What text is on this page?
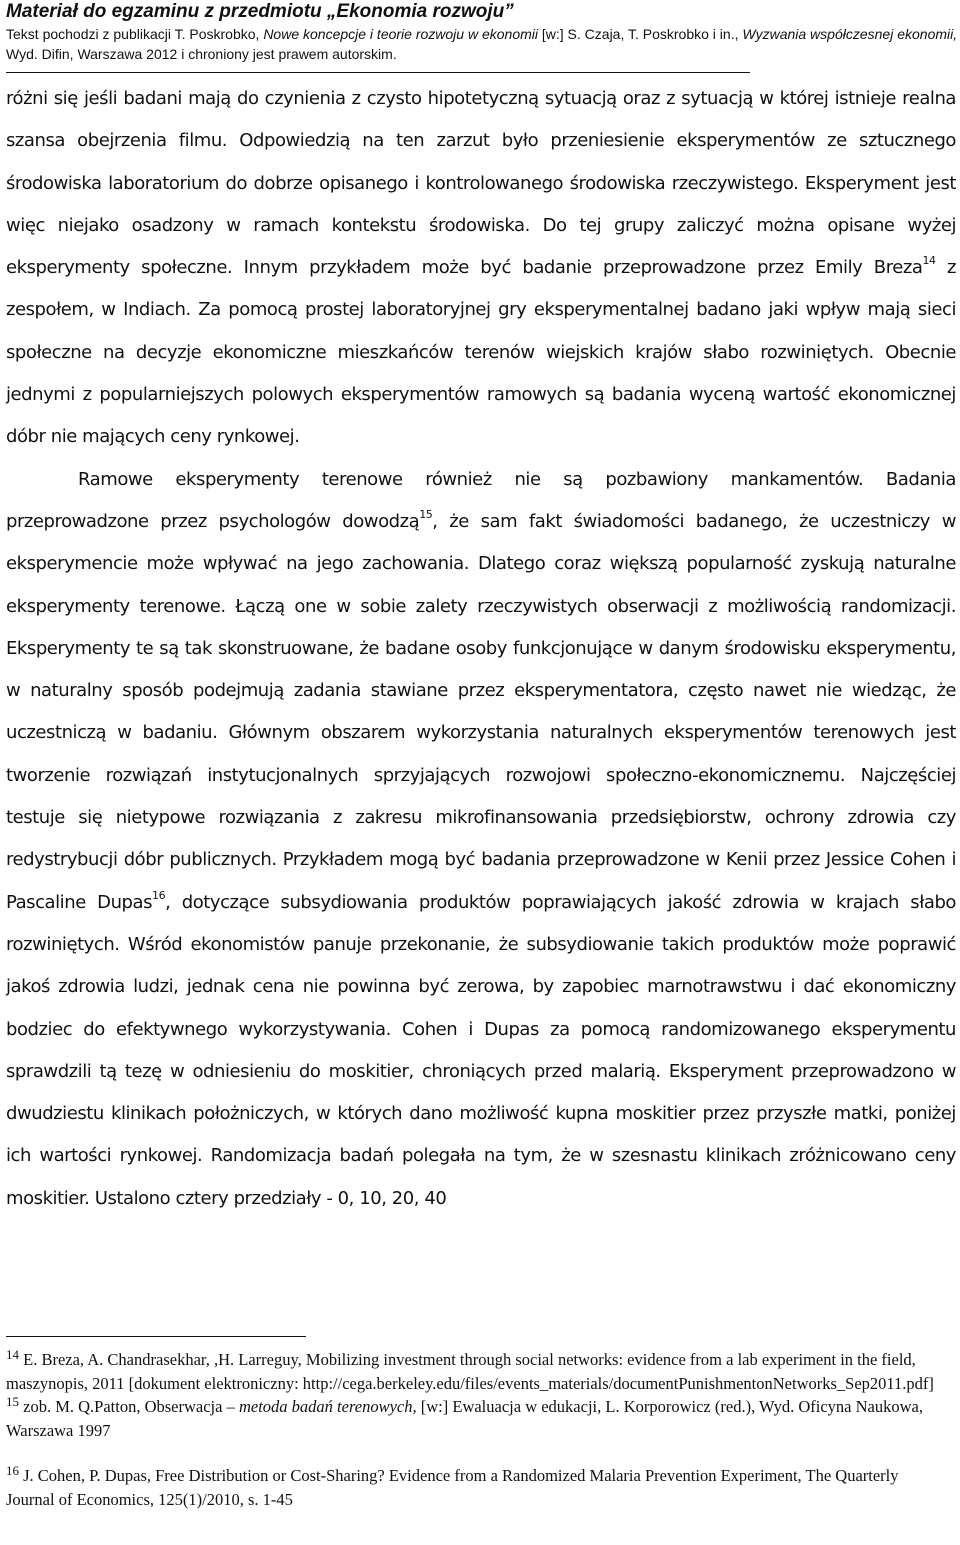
Materiał do egzaminu z przedmiotu „Ekonomia rozwoju”

Tekst pochodzi z publikacji T. Poskrobko, Nowe koncepcje i teorie rozwoju w ekonomii [w:] S. Czaja, T. Poskrobko i in., Wyzwania współczesnej ekonomii,

Wyd. Difin, Warszawa 2012 i chroniony jest prawem autorskim.

różni się jeśli badani mają do czynienia z czysto hipotetyczną sytuacją oraz z sytuacją w której istnieje realna szansa obejrzenia filmu. Odpowiedzią na ten zarzut było przeniesienie eksperymentów ze sztucznego środowiska laboratorium do dobrze opisanego i kontrolowanego środowiska rzeczywistego. Eksperyment jest więc niejako osadzony w ramach kontekstu środowiska. Do tej grupy zaliczyć można opisane wyżej eksperymenty społeczne. Innym przykładem może być badanie przeprowadzone przez Emily Breza$^{14}$ z zespołem, w Indiach. Za pomocą prostej laboratoryjnej gry eksperymentalnej badano jaki wpływ mają sieci społeczne na decyzje ekonomiczne mieszkańców terenów wiejskich krajów słabo rozwiniętych. Obecnie jednymi z popularniejszych polowych eksperymentów ramowych są badania wyceną wartość ekonomicznej dóbr nie mających ceny rynkowej.

Ramowe eksperymenty terenowe również nie są pozbawiony mankamentów. Badania przeprowadzone przez psychologów dowodzą$^{15}$, że sam fakt świadomości badanego, że uczestniczy w eksperymencie może wpływać na jego zachowania. Dlatego coraz większą popularność zyskują naturalne eksperymenty terenowe. Łączą one w sobie zalety rzeczywistych obserwacji z możliwością randomizacji. Eksperymenty te są tak skonstruowane, że badane osoby funkcjonujące w danym środowisku eksperymentu, w naturalny sposób podejmują zadania stawiane przez eksperymentatora, często nawet nie wiedząc, że uczestniczą w badaniu. Głównym obszarem wykorzystania naturalnych eksperymentów terenowych jest tworzenie rozwiązań instytucjonalnych sprzyjających rozwojowi społeczno-ekonomicznemu. Najczęściej testuje się nietypowe rozwiązania z zakresu mikrofinansowania przedsiębiorstw, ochrony zdrowia czy redystrybucji dóbr publicznych. Przykładem mogą być badania przeprowadzone w Kenii przez Jessice Cohen i Pascaline Dupas$^{16}$, dotyczące subsydiowania produktów poprawiających jakość zdrowia w krajach słabo rozwiniętych. Wśród ekonomistów panuje przekonanie, że subsydiowanie takich produktów może poprawić jakoś zdrowia ludzi, jednak cena nie powinna być zerowa, by zapobiec marnotrawstwu i dać ekonomiczny bodziec do efektywnego wykorzystywania. Cohen i Dupas za pomocą randomizowanego eksperymentu sprawdzili tą tezę w odniesieniu do moskitier, chroniących przed malarią. Eksperyment przeprowadzono w dwudziestu klinikach położniczych, w których dano możliwość kupna moskitier przez przyszłe matki, poniżej ich wartości rynkowej. Randomizacja badań polegała na tym, że w szesnastu klinikach zróżnicowano ceny moskitier. Ustalono cztery przedziały - 0, 10, 20, 40

$^{14}$ E. Breza, A. Chandrasekhar, ,H. Larreguy, Mobilizing investment through social networks: evidence from a lab experiment in the field, maszynopis, 2011 [dokument elektroniczny: http://cega.berkeley.edu/files/events_materials/documentPunishmentonNetworks_Sep2011.pdf]

$^{15}$ zob. M. Q.Patton, Obserwacja – metoda badań terenowych, [w:] Ewaluacja w edukacji, L. Korporowicz (red.), Wyd. Oficyna Naukowa, Warszawa 1997

$^{16}$ J. Cohen, P. Dupas, Free Distribution or Cost-Sharing? Evidence from a Randomized Malaria Prevention Experiment, The Quarterly Journal of Economics, 125(1)/2010, s. 1-45
